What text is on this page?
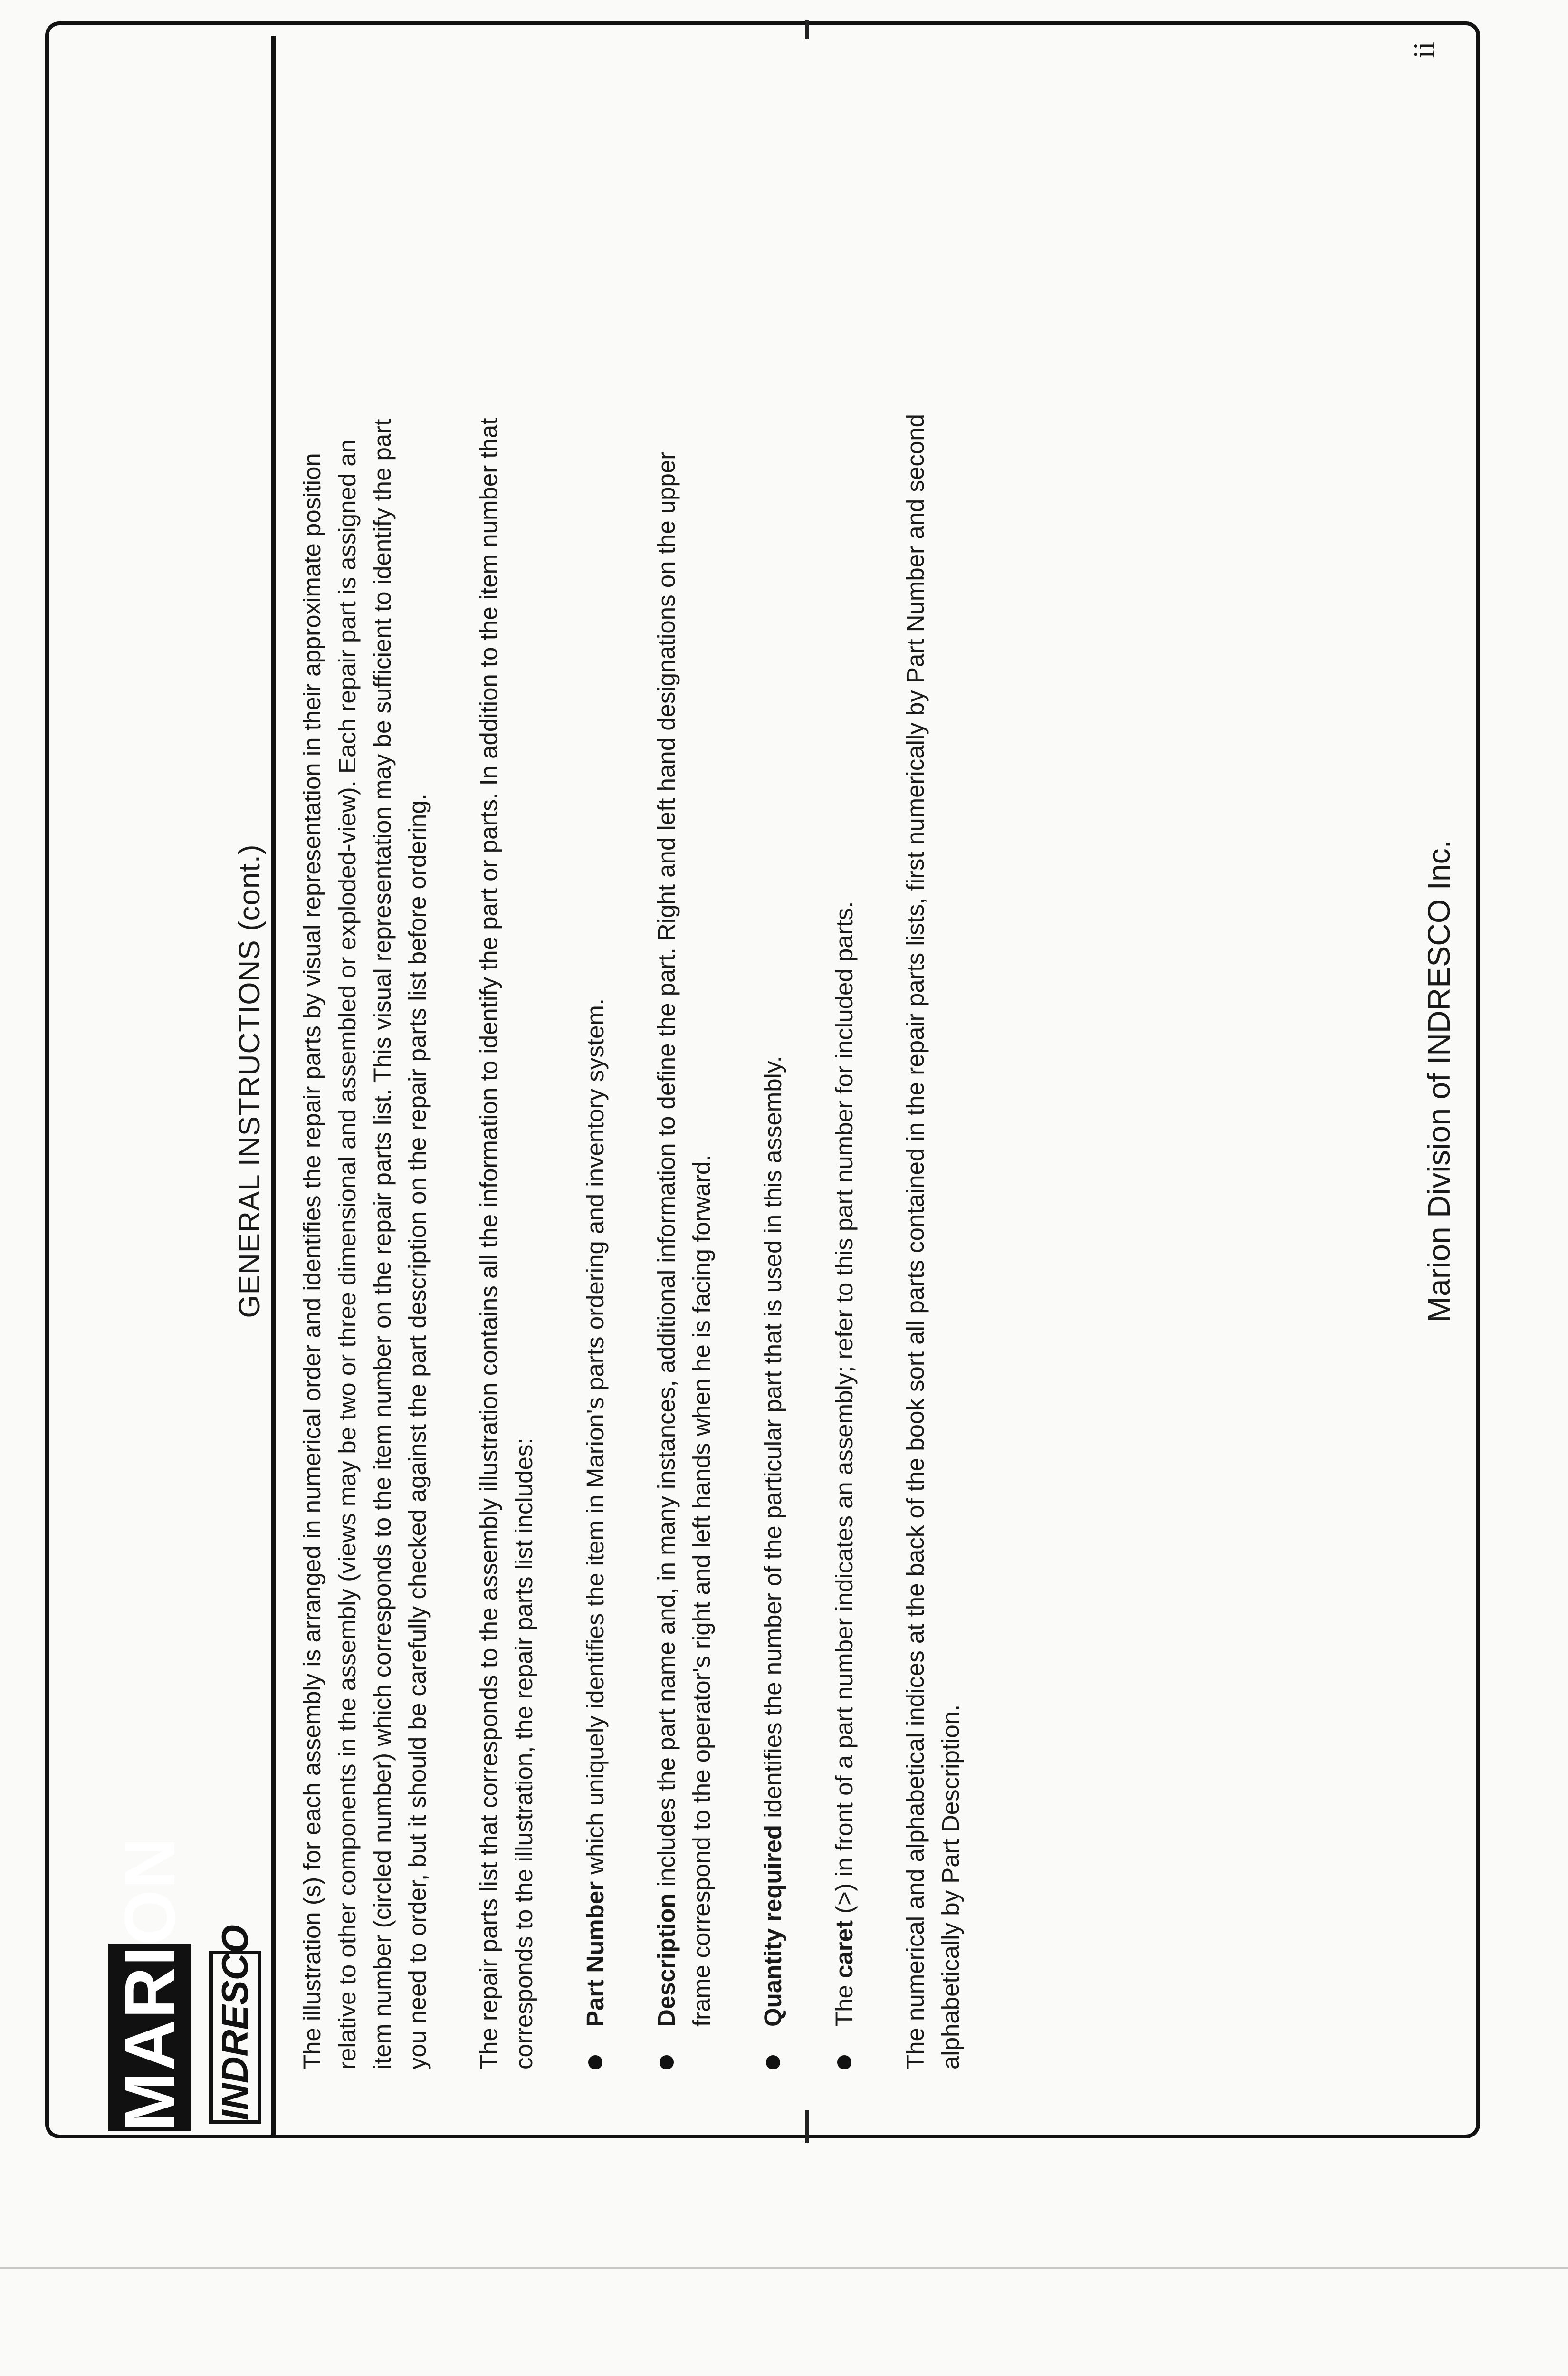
MARION INDRESCO
GENERAL INSTRUCTIONS (cont.) The illustration (s) for each assembly is arranged in numerical order and identifies the repair parts by visual representation in their approximate position relative to other components in the assembly (views may be two or three dimensional and assembled or exploded-view). Each repair part is assigned an item number (circled number) which corresponds to the item number on the repair parts list. This visual representation may be sufficient to identify the part you need to order, but it should be carefully checked against the part description on the repair parts list before ordering. The repair parts list that corresponds to the assembly illustration contains all the information to identify the part or parts. In addition to the item number that corresponds to the illustration, the repair parts list includes: Part Number which uniquely identifies the item in Marion's parts ordering and inventory system.

Description includes the part name and, in many instances, additional information to define the part. Right and left hand designations on the upper frame correspond to the operator's right and left hands when he is facing forward. Quantity required identifies the number of the particular part that is used in this assembly.

The caret (>) in front of a part number indicates an assembly; refer to this part number for included parts. The numerical and alphabetical indices at the back of the book sort all parts contained in the repair parts lists, first numerically by Part Number and second alphabetically by Part Description.

Marion Division of INDRESCO Inc.

ii
